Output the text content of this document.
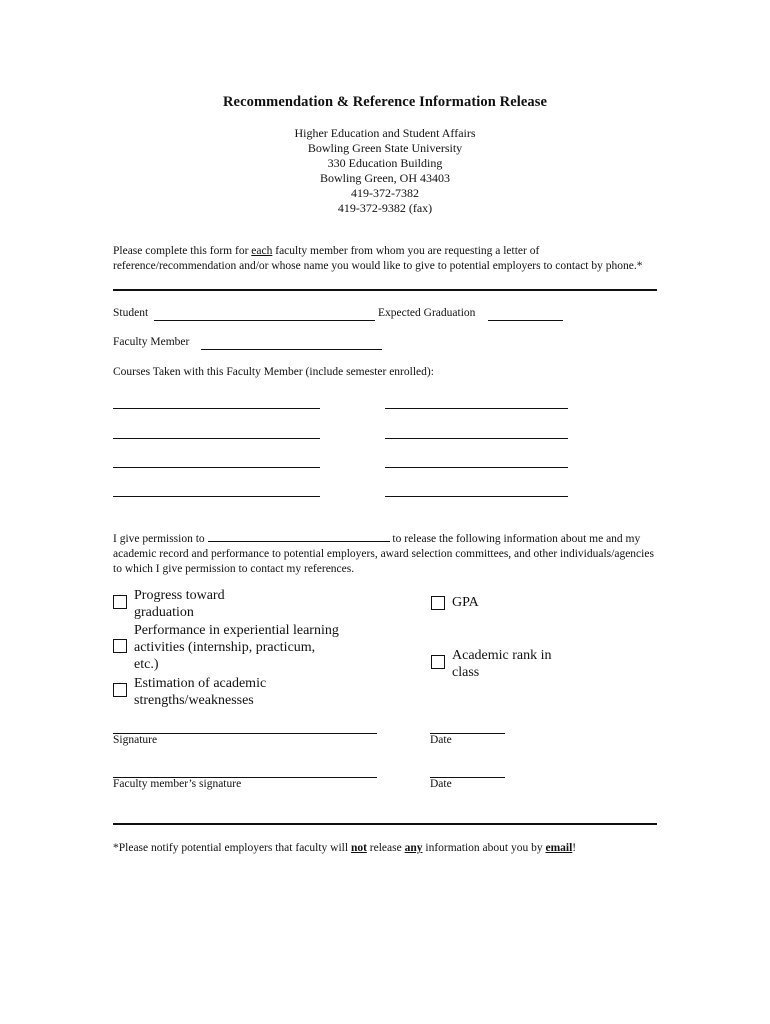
Recommendation & Reference Information Release
Higher Education and Student Affairs
Bowling Green State University
330 Education Building
Bowling Green, OH 43403
419-372-7382
419-372-9382 (fax)
Please complete this form for each faculty member from whom you are requesting a letter of reference/recommendation and/or whose name you would like to give to potential employers to contact by phone.*
Student	Expected Graduation
Faculty Member
Courses Taken with this Faculty Member (include semester enrolled):
I give permission to	to release the following information about me and my academic record and performance to potential employers, award selection committees, and other individuals/agencies to which I give permission to contact my references.
Progress toward graduation
Performance in experiential learning activities (internship, practicum, etc.)
Estimation of academic strengths/weaknesses
GPA
Academic rank in class
Signature	Date
Faculty member’s signature	Date
*Please notify potential employers that faculty will not release any information about you by email!
